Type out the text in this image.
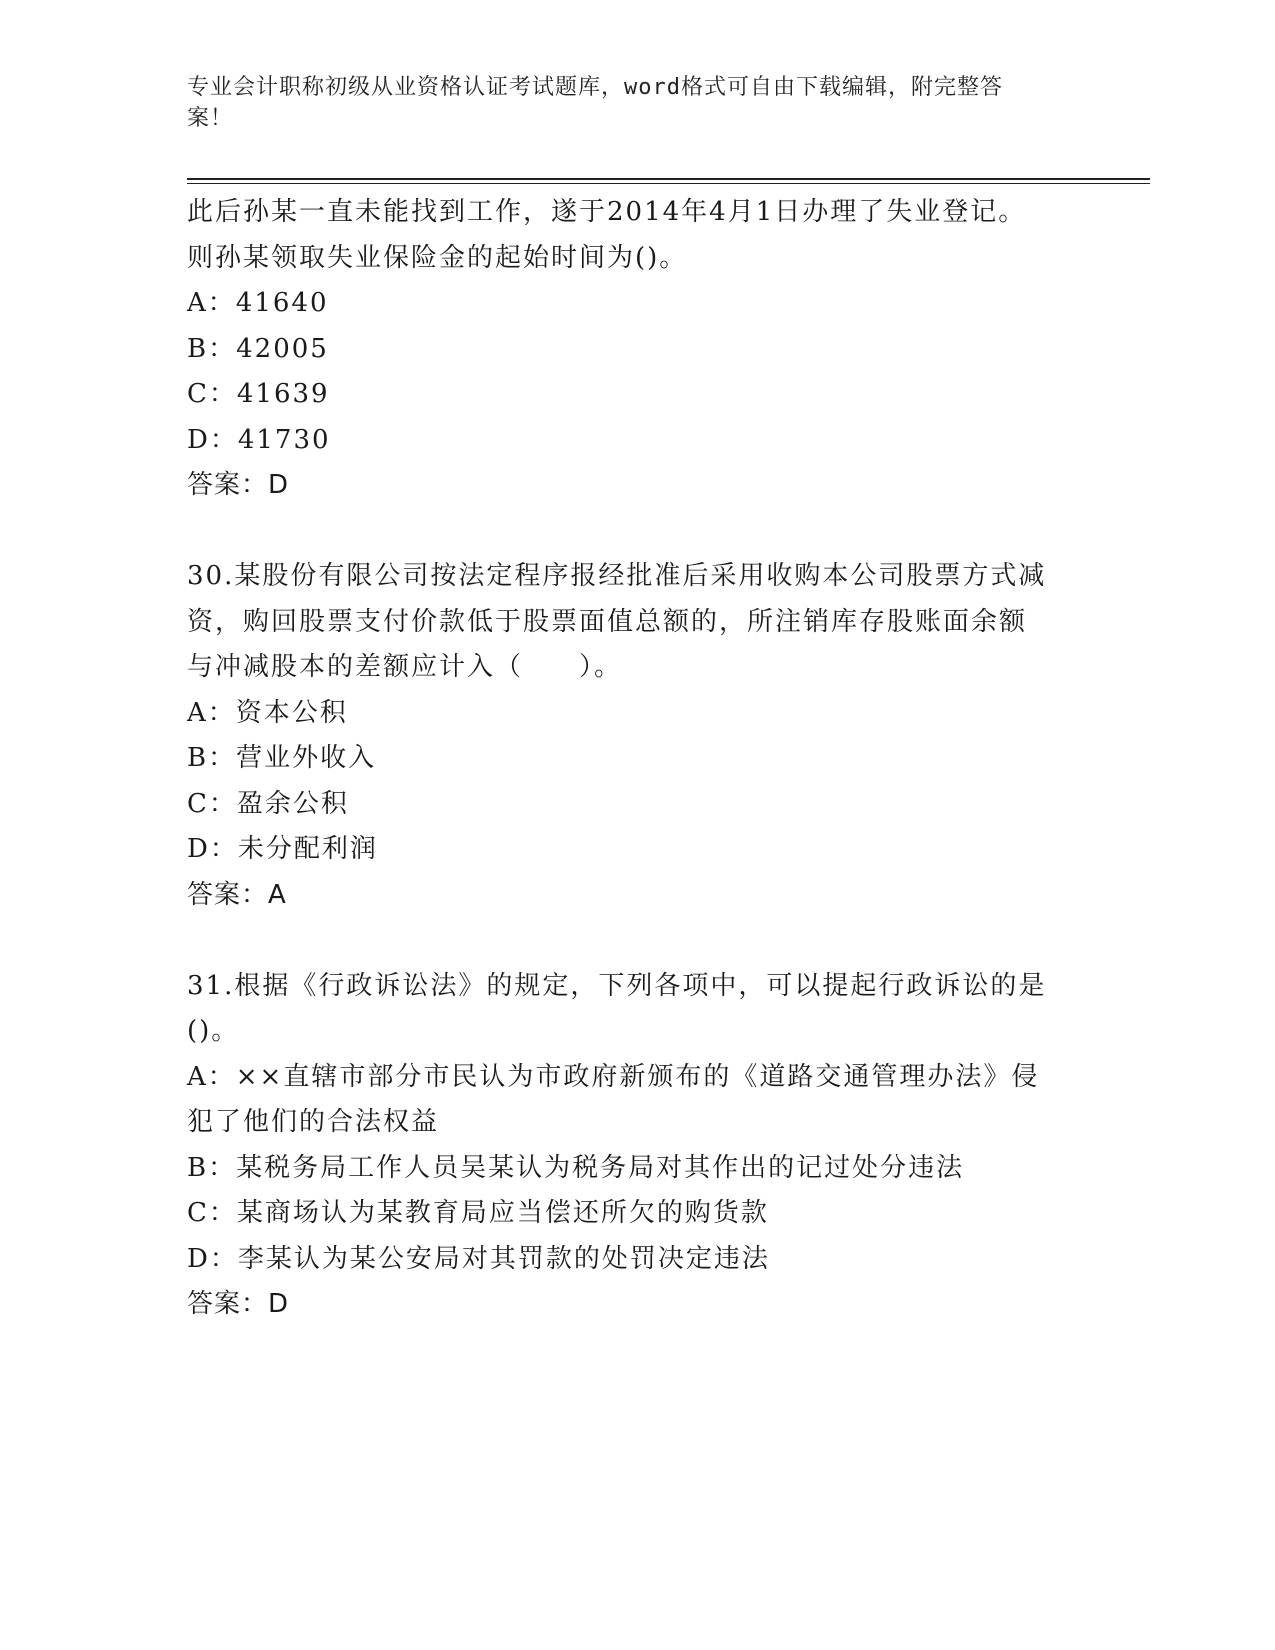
专业会计职称初级从业资格认证考试题库，word格式可自由下载编辑，附完整答
案！

此后孙某一直未能找到工作，遂于2014年4月1日办理了失业登记。

则孙某领取失业保险金的起始时间为()。

A：41640

B：42005

C：41639

D：41730

答案：D

30.某股份有限公司按法定程序报经批准后采用收购本公司股票方式减

资，购回股票支付价款低于股票面值总额的，所注销库存股账面余额

与冲减股本的差额应计入（　　）。

A：资本公积

B：营业外收入

C：盈余公积

D：未分配利润

答案：A

31.根据《行政诉讼法》的规定，下列各项中，可以提起行政诉讼的是

()。

A：××直辖市部分市民认为市政府新颁布的《道路交通管理办法》侵

犯了他们的合法权益

B：某税务局工作人员吴某认为税务局对其作出的记过处分违法

C：某商场认为某教育局应当偿还所欠的购货款

D：李某认为某公安局对其罚款的处罚决定违法

答案：D
